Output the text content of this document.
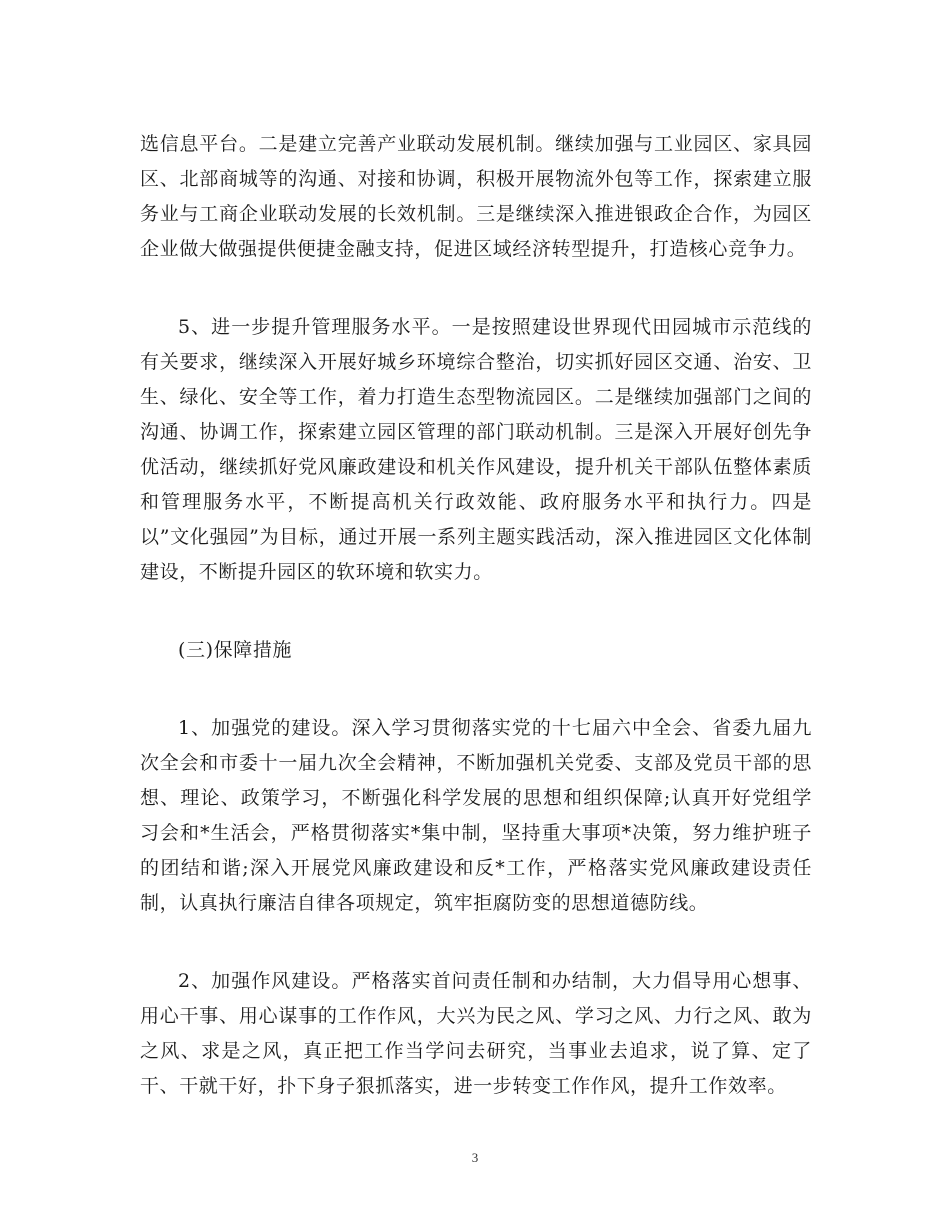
选信息平台。二是建立完善产业联动发展机制。继续加强与工业园区、家具园区、北部商城等的沟通、对接和协调，积极开展物流外包等工作，探索建立服务业与工商企业联动发展的长效机制。三是继续深入推进银政企合作，为园区企业做大做强提供便捷金融支持，促进区域经济转型提升，打造核心竞争力。

5、进一步提升管理服务水平。一是按照建设世界现代田园城市示范线的有关要求，继续深入开展好城乡环境综合整治，切实抓好园区交通、治安、卫生、绿化、安全等工作，着力打造生态型物流园区。二是继续加强部门之间的沟通、协调工作，探索建立园区管理的部门联动机制。三是深入开展好创先争优活动，继续抓好党风廉政建设和机关作风建设，提升机关干部队伍整体素质和管理服务水平，不断提高机关行政效能、政府服务水平和执行力。四是以”文化强园”为目标，通过开展一系列主题实践活动，深入推进园区文化体制建设，不断提升园区的软环境和软实力。

(三)保障措施

1、加强党的建设。深入学习贯彻落实党的十七届六中全会、省委九届九次全会和市委十一届九次全会精神，不断加强机关党委、支部及党员干部的思想、理论、政策学习，不断强化科学发展的思想和组织保障;认真开好党组学习会和*生活会，严格贯彻落实*集中制，坚持重大事项*决策，努力维护班子的团结和谐;深入开展党风廉政建设和反*工作，严格落实党风廉政建设责任制，认真执行廉洁自律各项规定，筑牢拒腐防变的思想道德防线。

2、加强作风建设。严格落实首问责任制和办结制，大力倡导用心想事、用心干事、用心谋事的工作作风，大兴为民之风、学习之风、力行之风、敢为之风、求是之风，真正把工作当学问去研究，当事业去追求，说了算、定了干、干就干好，扑下身子狠抓落实，进一步转变工作作风，提升工作效率。

3
